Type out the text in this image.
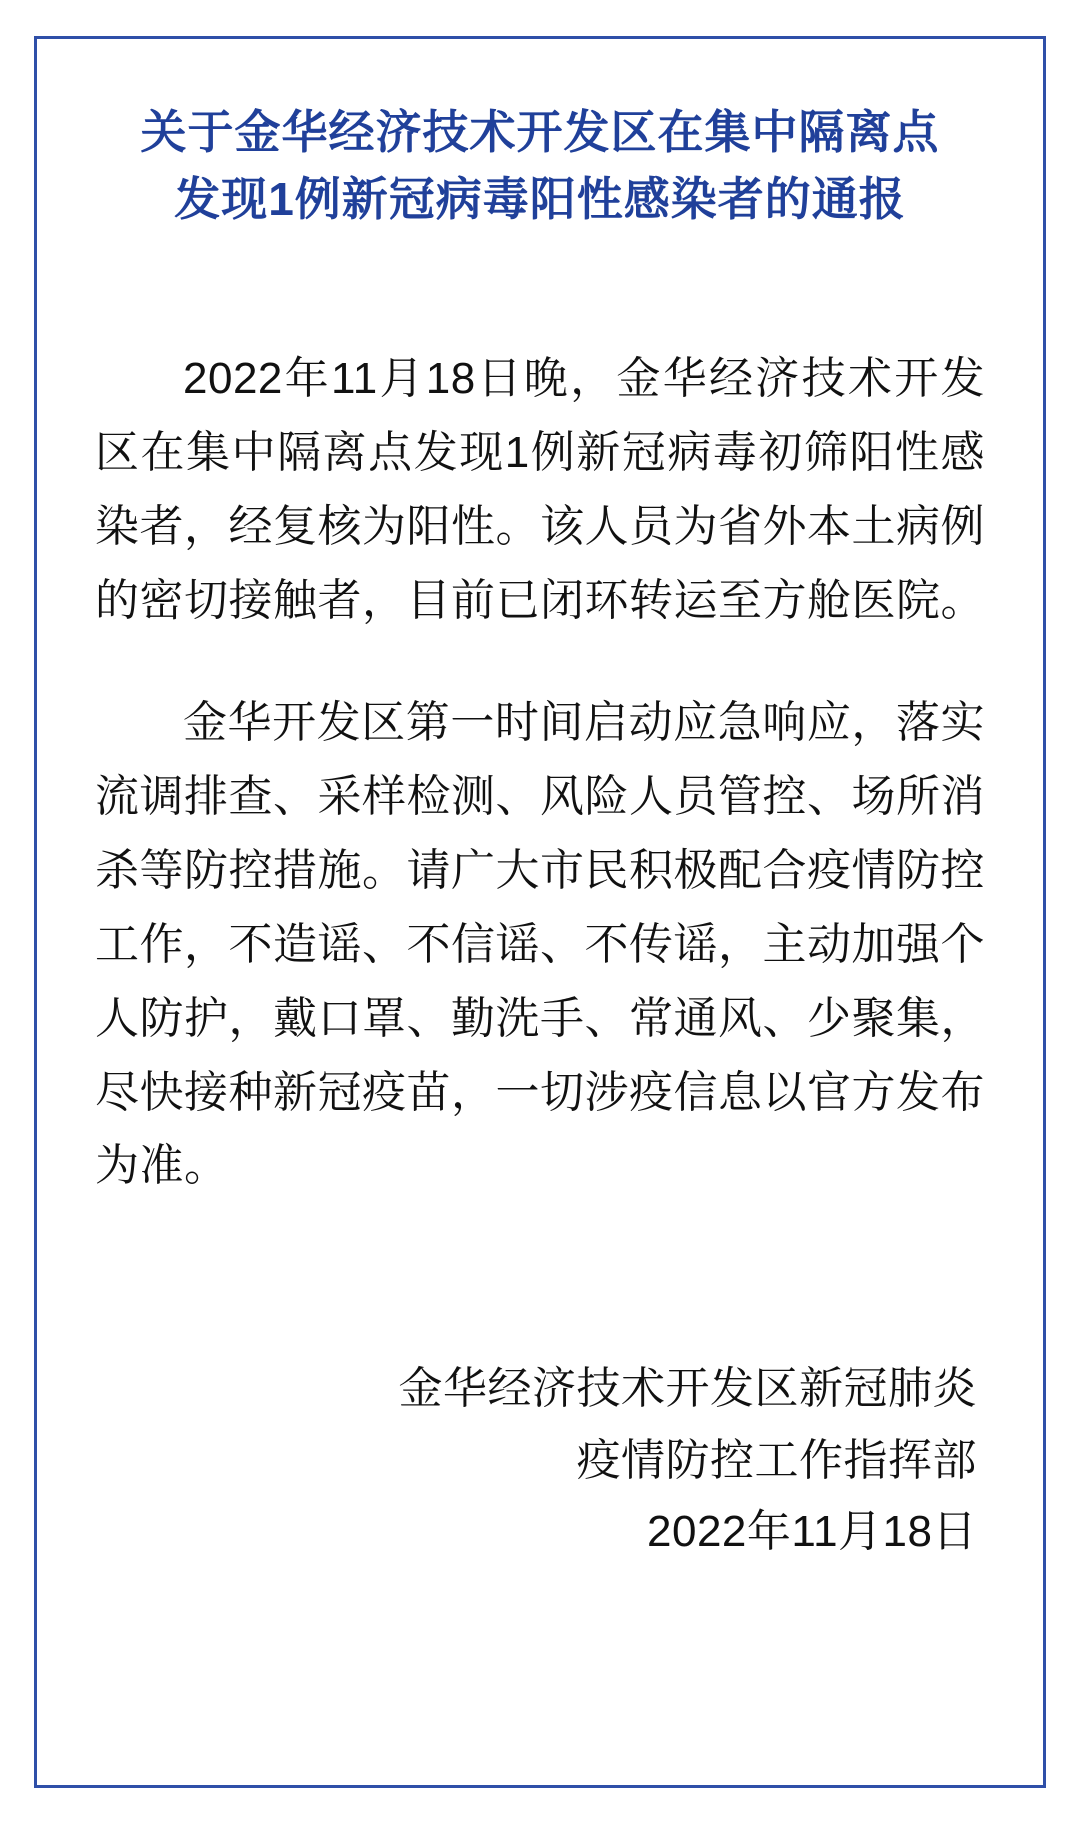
关于金华经济技术开发区在集中隔离点
发现1例新冠病毒阳性感染者的通报

2022年11月18日晚，金华经济技术开发区在集中隔离点发现1例新冠病毒初筛阳性感染者，经复核为阳性。该人员为省外本土病例的密切接触者，目前已闭环转运至方舱医院。

金华开发区第一时间启动应急响应，落实流调排查、采样检测、风险人员管控、场所消杀等防控措施。请广大市民积极配合疫情防控工作，不造谣、不信谣、不传谣，主动加强个人防护，戴口罩、勤洗手、常通风、少聚集，尽快接种新冠疫苗，一切涉疫信息以官方发布为准。

金华经济技术开发区新冠肺炎
疫情防控工作指挥部
2022年11月18日
